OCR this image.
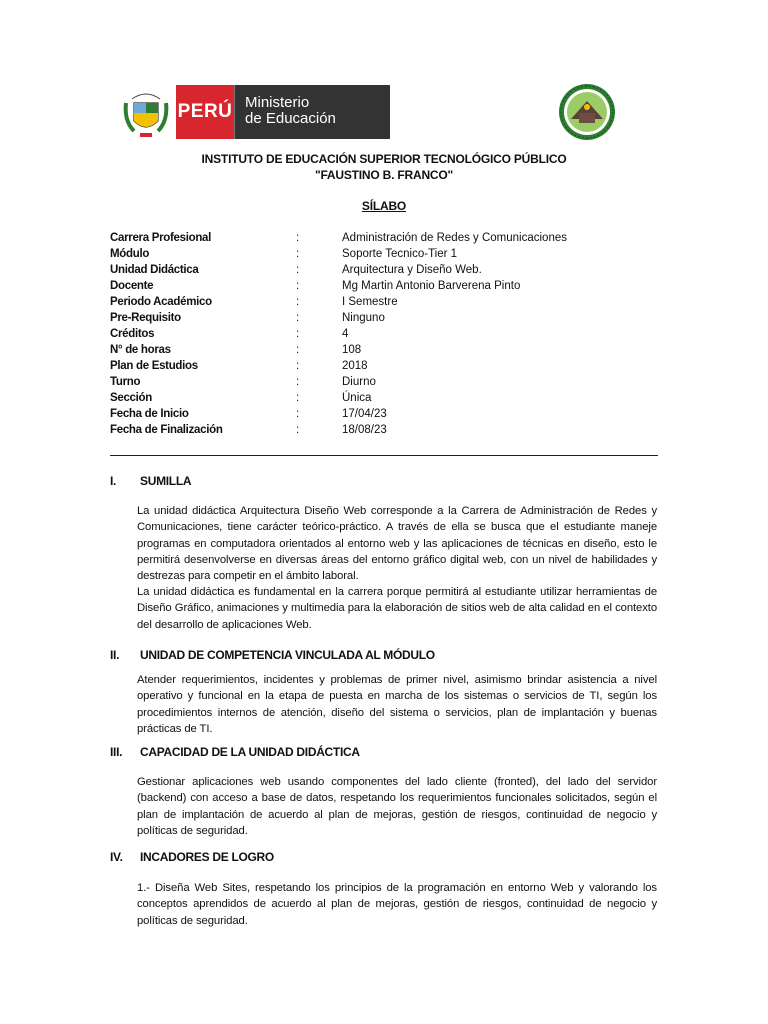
PERÚ Ministerio
de Educación
INSTITUTO DE EDUCACIÓN SUPERIOR TECNOLÓGICO PÚBLICO
"FAUSTINO B. FRANCO"
SÍLABO
Carrera Profesional	:	Administración de Redes y Comunicaciones
Módulo	:	Soporte Tecnico-Tier 1
Unidad Didáctica	:	Arquitectura y Diseño Web.
Docente	:	Mg Martin Antonio Barverena Pinto
Periodo Académico	:	I Semestre
Pre-Requisito	:	Ninguno
Créditos	:	4
N° de horas	:	108
Plan de Estudios	:	2018
Turno	:	Diurno
Sección	:	Única
Fecha de Inicio	:	17/04/23
Fecha de Finalización	:	18/08/23
I.	SUMILLA
La unidad didáctica Arquitectura Diseño Web corresponde a la Carrera de Administración de Redes y Comunicaciones, tiene carácter teórico-práctico. A través de ella se busca que el estudiante maneje programas en computadora orientados al entorno web y las aplicaciones de técnicas en diseño, esto le permitirá desenvolverse en diversas áreas del entorno gráfico digital web, con un nivel de habilidades y destrezas para competir en el ámbito laboral.
La unidad didáctica es fundamental en la carrera porque permitirá al estudiante utilizar herramientas de Diseño Gráfico, animaciones y multimedia para la elaboración de sitios web de alta calidad en el contexto del desarrollo de aplicaciones Web.
II.	UNIDAD DE COMPETENCIA VINCULADA AL MÓDULO
Atender requerimientos, incidentes y problemas de primer nivel, asimismo brindar asistencia a nivel operativo y funcional en la etapa de puesta en marcha de los sistemas o servicios de TI, según los procedimientos internos de atención, diseño del sistema o servicios, plan de implantación y buenas prácticas de TI.
III.	CAPACIDAD DE LA UNIDAD DIDÁCTICA
Gestionar aplicaciones web usando componentes del lado cliente (fronted), del lado del servidor (backend) con acceso a base de datos, respetando los requerimientos funcionales solicitados, según el plan de implantación de acuerdo al plan de mejoras, gestión de riesgos, continuidad de negocio y políticas de seguridad.
IV.	INCADORES DE LOGRO
1.- Diseña Web Sites, respetando los principios de la programación en entorno Web y valorando los conceptos aprendidos de acuerdo al plan de mejoras, gestión de riesgos, continuidad de negocio y políticas de seguridad.
